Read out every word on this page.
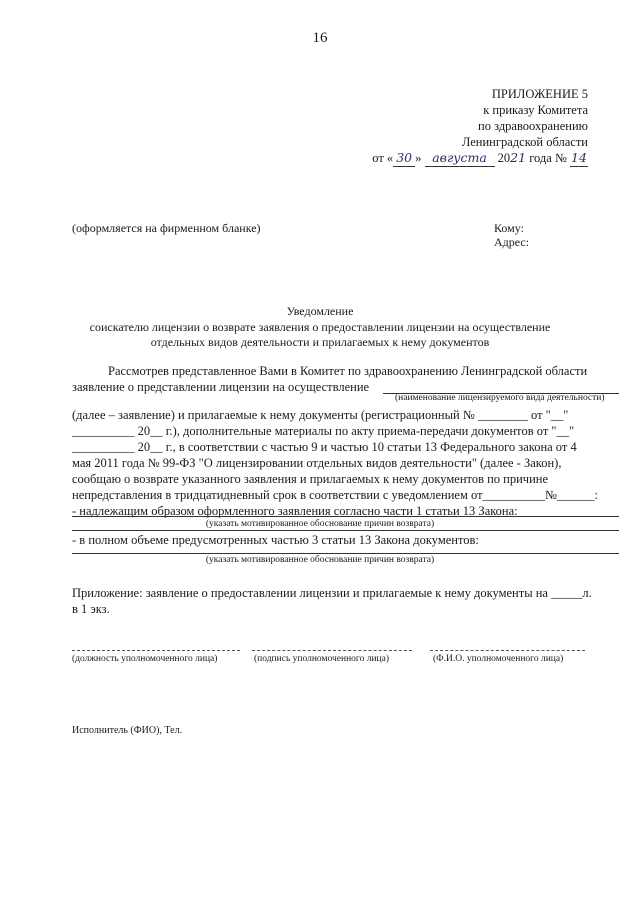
16
ПРИЛОЖЕНИЕ 5
к приказу Комитета
по здравоохранению
Ленинградской области
от « 30 » августа 2021 года № 14
(оформляется на фирменном бланке)	Кому:
Адрес:
Уведомление
соискателю лицензии о возврате заявления о предоставлении лицензии на осуществление
отдельных видов деятельности и прилагаемых к нему документов
Рассмотрев представленное Вами в Комитет по здравоохранению Ленинградской области
заявление о представлении лицензии на осуществление
(наименование лицензируемого вида деятельности)
(далее – заявление) и прилагаемые к нему документы (регистрационный № ________ от "__"
__________ 20__ г.), дополнительные материалы по акту приема-передачи документов от "__"
__________ 20__ г., в соответствии с частью 9 и частью 10 статьи 13 Федерального закона от 4
мая 2011 года № 99-ФЗ "О лицензировании отдельных видов деятельности" (далее - Закон),
сообщаю о возврате указанного заявления и прилагаемых к нему документов по причине
непредставления в тридцатидневный срок в соответствии с уведомлением от__________№______:
- надлежащим образом оформленного заявления согласно части 1 статьи 13 Закона:
(указать мотивированное обоснование причин возврата)
- в полном объеме предусмотренных частью 3 статьи 13 Закона документов:
(указать мотивированное обоснование причин возврата)
Приложение: заявление о предоставлении лицензии и прилагаемые к нему документы на _____л.
в 1 экз.
(должность уполномоченного лица)	(подпись уполномоченного лица)	(Ф.И.О. уполномоченного лица)
Исполнитель (ФИО), Тел.
